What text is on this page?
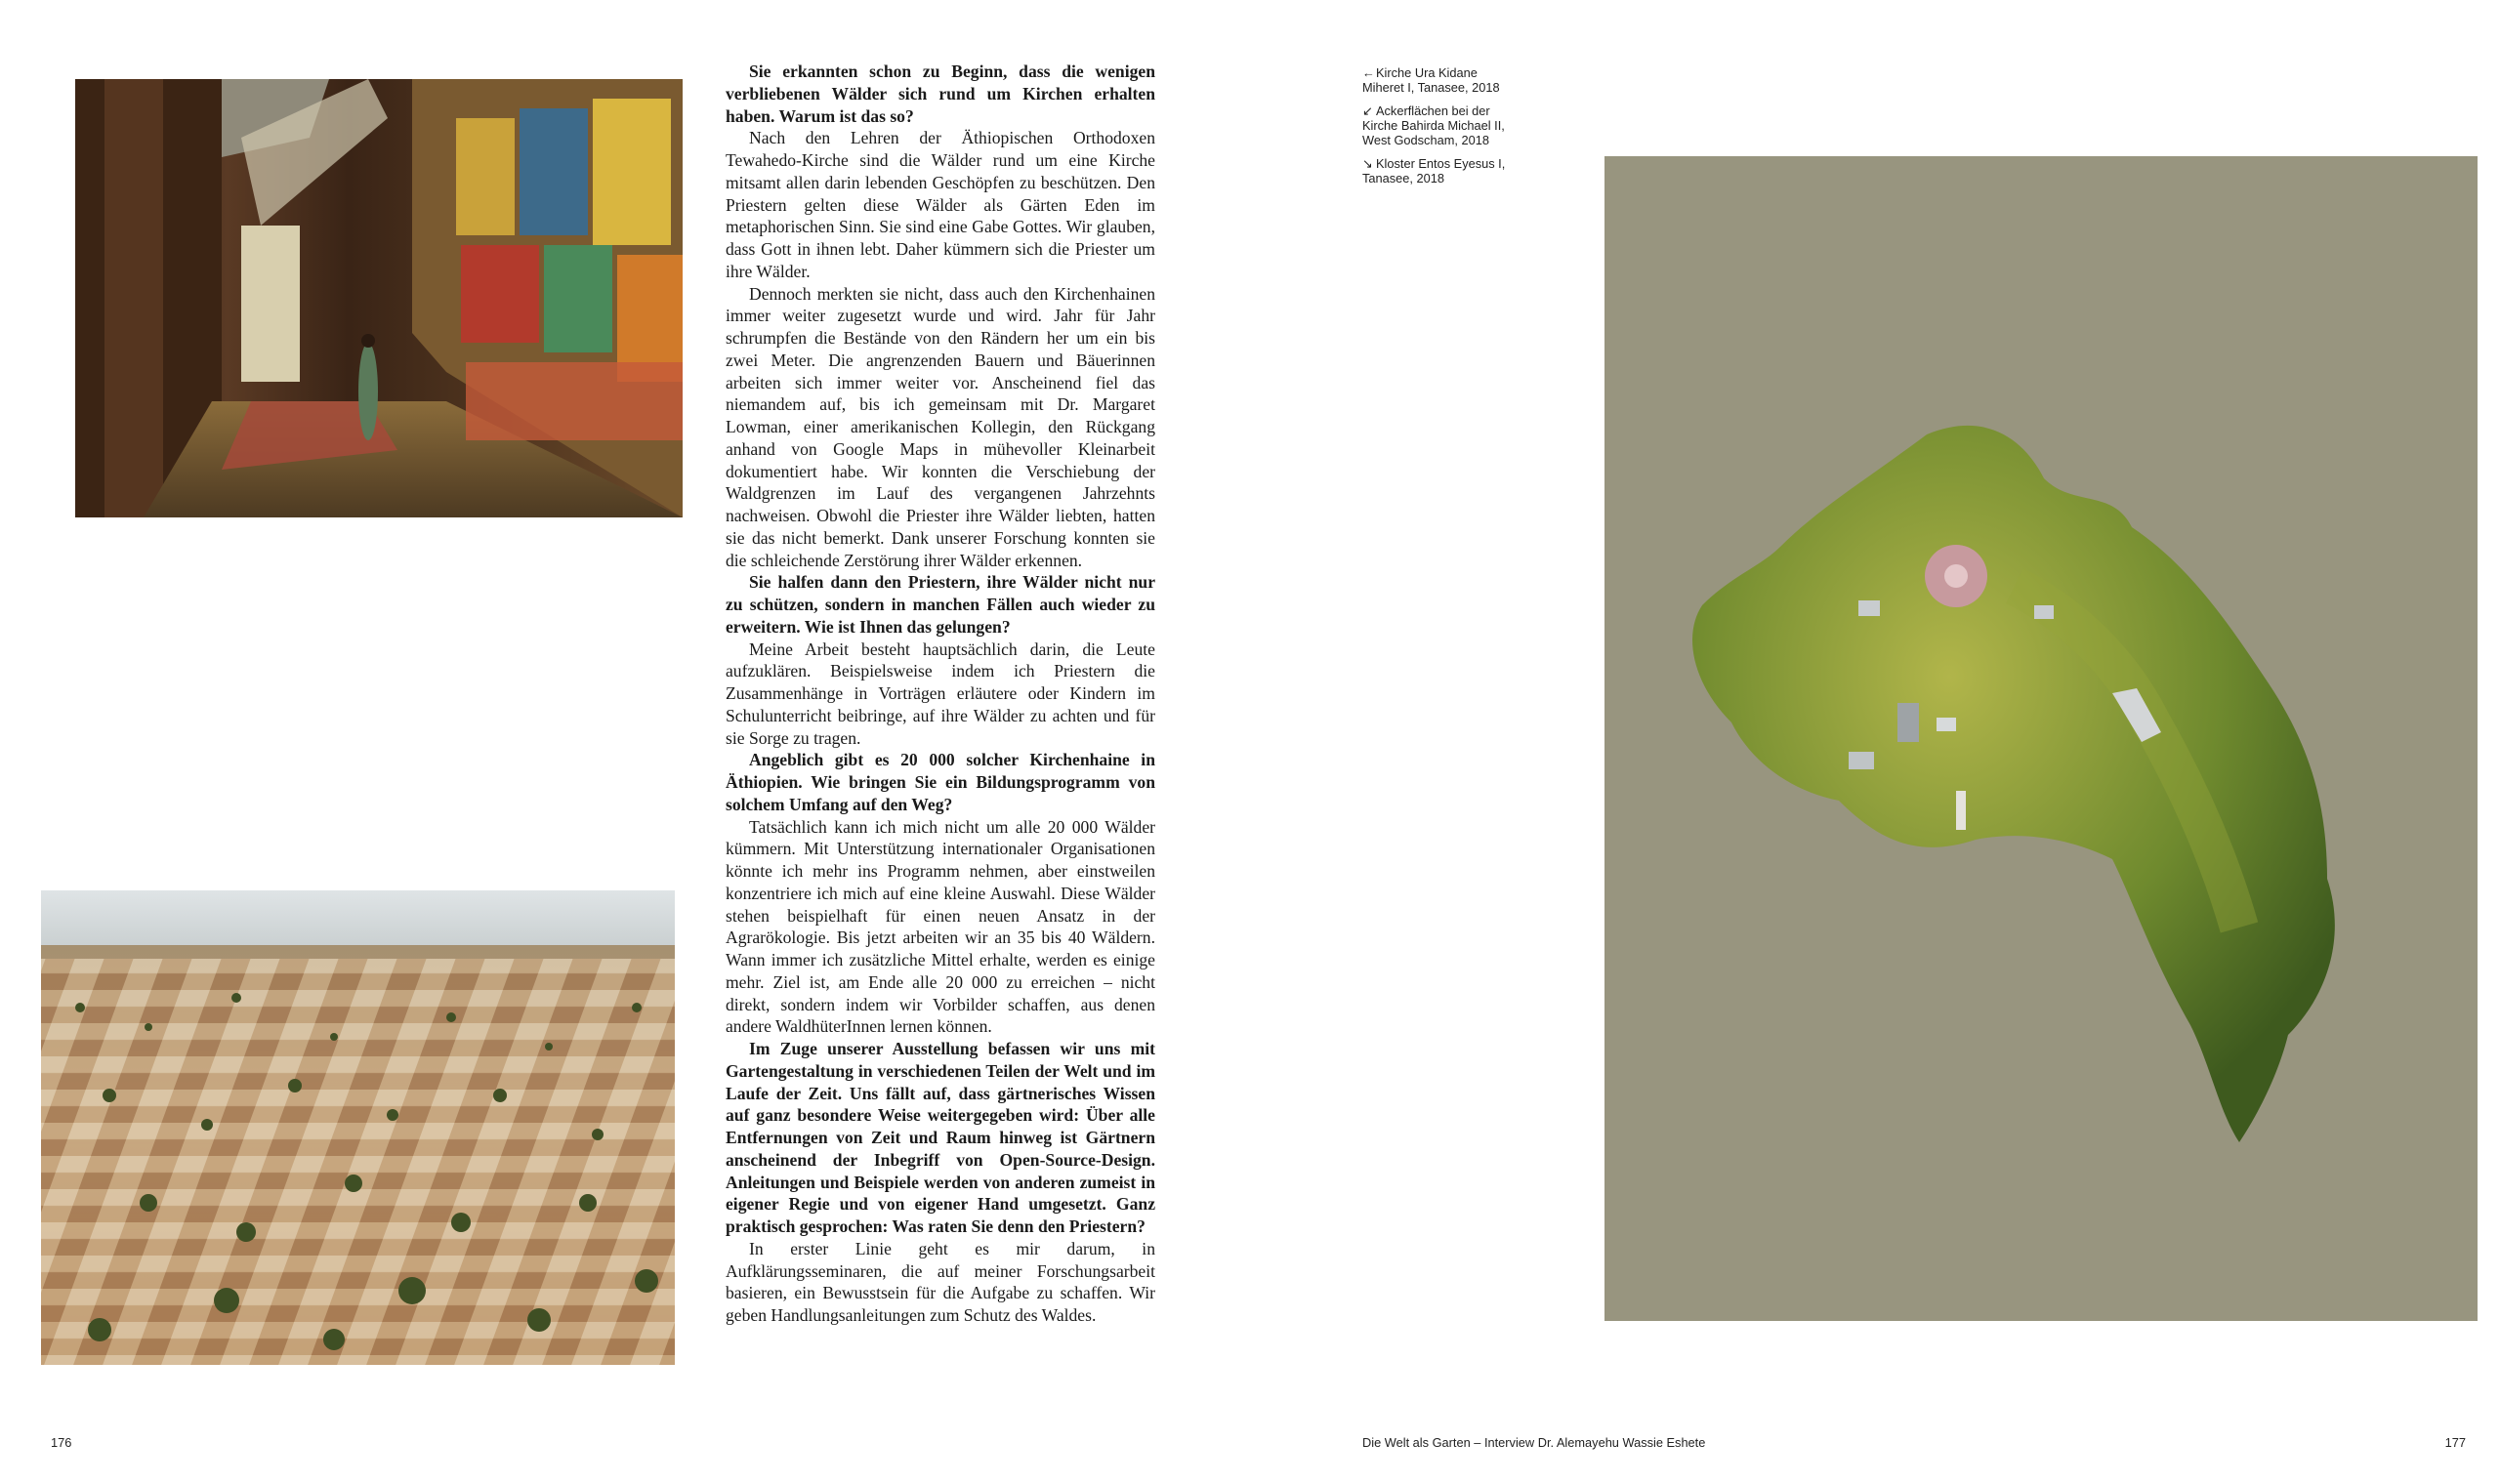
Sie erkannten schon zu Beginn, dass die wenigen verbliebenen Wälder sich rund um Kirchen erhalten haben. Warum ist das so?

Nach den Lehren der Äthiopischen Orthodoxen Tewahedo-Kirche sind die Wälder rund um eine Kirche mitsamt allen darin lebenden Geschöpfen zu beschützen. Den Priestern gelten diese Wälder als Gärten Eden im metaphorischen Sinn. Sie sind eine Gabe Gottes. Wir glauben, dass Gott in ihnen lebt. Daher kümmern sich die Priester um ihre Wälder.

Dennoch merkten sie nicht, dass auch den Kirchenhainen immer weiter zugesetzt wurde und wird. Jahr für Jahr schrumpfen die Bestände von den Rändern her um ein bis zwei Meter. Die angrenzenden Bauern und Bäuerinnen arbeiten sich immer weiter vor. Anscheinend fiel das niemandem auf, bis ich gemeinsam mit Dr. Margaret Lowman, einer amerikanischen Kollegin, den Rückgang anhand von Google Maps in mühevoller Kleinarbeit dokumentiert habe. Wir konnten die Verschiebung der Waldgrenzen im Lauf des vergangenen Jahrzehnts nachweisen. Obwohl die Priester ihre Wälder liebten, hatten sie das nicht bemerkt. Dank unserer Forschung konnten sie die schleichende Zerstörung ihrer Wälder erkennen.

Sie halfen dann den Priestern, ihre Wälder nicht nur zu schützen, sondern in manchen Fällen auch wieder zu erweitern. Wie ist Ihnen das gelungen?

Meine Arbeit besteht hauptsächlich darin, die Leute aufzuklären. Beispielsweise indem ich Priestern die Zusammenhänge in Vorträgen erläutere oder Kindern im Schulunterricht beibringe, auf ihre Wälder zu achten und für sie Sorge zu tragen.

Angeblich gibt es 20 000 solcher Kirchenhaine in Äthiopien. Wie bringen Sie ein Bildungsprogramm von solchem Umfang auf den Weg?

Tatsächlich kann ich mich nicht um alle 20 000 Wälder kümmern. Mit Unterstützung internationaler Organisationen könnte ich mehr ins Programm nehmen, aber einstweilen konzentriere ich mich auf eine kleine Auswahl. Diese Wälder stehen beispielhaft für einen neuen Ansatz in der Agrarökologie. Bis jetzt arbeiten wir an 35 bis 40 Wäldern. Wann immer ich zusätzliche Mittel erhalte, werden es einige mehr. Ziel ist, am Ende alle 20 000 zu erreichen – nicht direkt, sondern indem wir Vorbilder schaffen, aus denen andere WaldhüterInnen lernen können.

Im Zuge unserer Ausstellung befassen wir uns mit Gartengestaltung in verschiedenen Teilen der Welt und im Laufe der Zeit. Uns fällt auf, dass gärtnerisches Wissen auf ganz besondere Weise weitergegeben wird: Über alle Entfernungen von Zeit und Raum hinweg ist Gärtnern anscheinend der Inbegriff von Open-Source-Design. Anleitungen und Beispiele werden von anderen zumeist in eigener Regie und von eigener Hand umgesetzt. Ganz praktisch gesprochen: Was raten Sie denn den Priestern?

In erster Linie geht es mir darum, in Aufklärungsseminaren, die auf meiner Forschungsarbeit basieren, ein Bewusstsein für die Aufgabe zu schaffen. Wir geben Handlungsanleitungen zum Schutz des Waldes.

←Kirche Ura Kidane
Miheret I, Tanasee, 2018
↙ Ackerflächen bei der
Kirche Bahirda Michael II,
West Godscham, 2018
↘ Kloster Entos Eyesus I,
Tanasee, 2018
176	Die Welt als Garten – Interview Dr. Alemayehu Wassie Eshete	177
